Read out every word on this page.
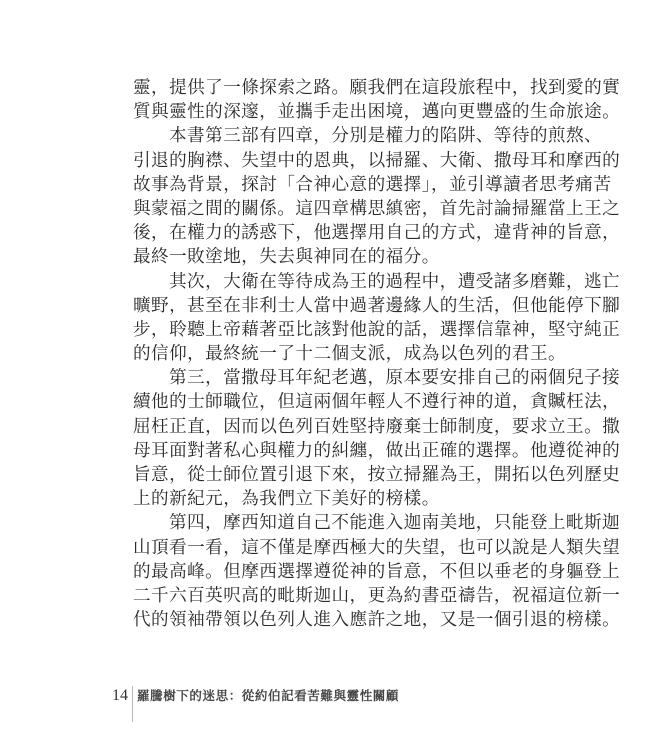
靈，提供了一條探索之路。願我們在這段旅程中，找到愛的實
質與靈性的深邃，並攜手走出困境，邁向更豐盛的生命旅途。
本書第三部有四章，分別是權力的陷阱、等待的煎熬、
引退的胸襟、失望中的恩典，以掃羅、大衛、撒母耳和摩西的
故事為背景，探討「合神心意的選擇」，並引導讀者思考痛苦
與蒙福之間的關係。這四章構思縝密，首先討論掃羅當上王之
後，在權力的誘惑下，他選擇用自己的方式，違背神的旨意，
最終一敗塗地，失去與神同在的福分。
其次，大衛在等待成為王的過程中，遭受諸多磨難，逃亡
曠野，甚至在非利士人當中過著邊緣人的生活，但他能停下腳
步，聆聽上帝藉著亞比該對他說的話，選擇信靠神，堅守純正
的信仰，最終統一了十二個支派，成為以色列的君王。
第三，當撒母耳年紀老邁，原本要安排自己的兩個兒子接
續他的士師職位，但這兩個年輕人不遵行神的道，貪贓枉法，
屈枉正直，因而以色列百姓堅持廢棄士師制度，要求立王。撒
母耳面對著私心與權力的糾纏，做出正確的選擇。他遵從神的
旨意，從士師位置引退下來，按立掃羅為王，開拓以色列歷史
上的新紀元，為我們立下美好的榜樣。
第四，摩西知道自己不能進入迦南美地，只能登上毗斯迦
山頂看一看，這不僅是摩西極大的失望，也可以說是人類失望
的最高峰。但摩西選擇遵從神的旨意，不但以垂老的身軀登上
二千六百英呎高的毗斯迦山，更為約書亞禱告，祝福這位新一
代的領袖帶領以色列人進入應許之地，又是一個引退的榜樣。
14 羅騰樹下的迷思：從約伯記看苦難與靈性關顧
